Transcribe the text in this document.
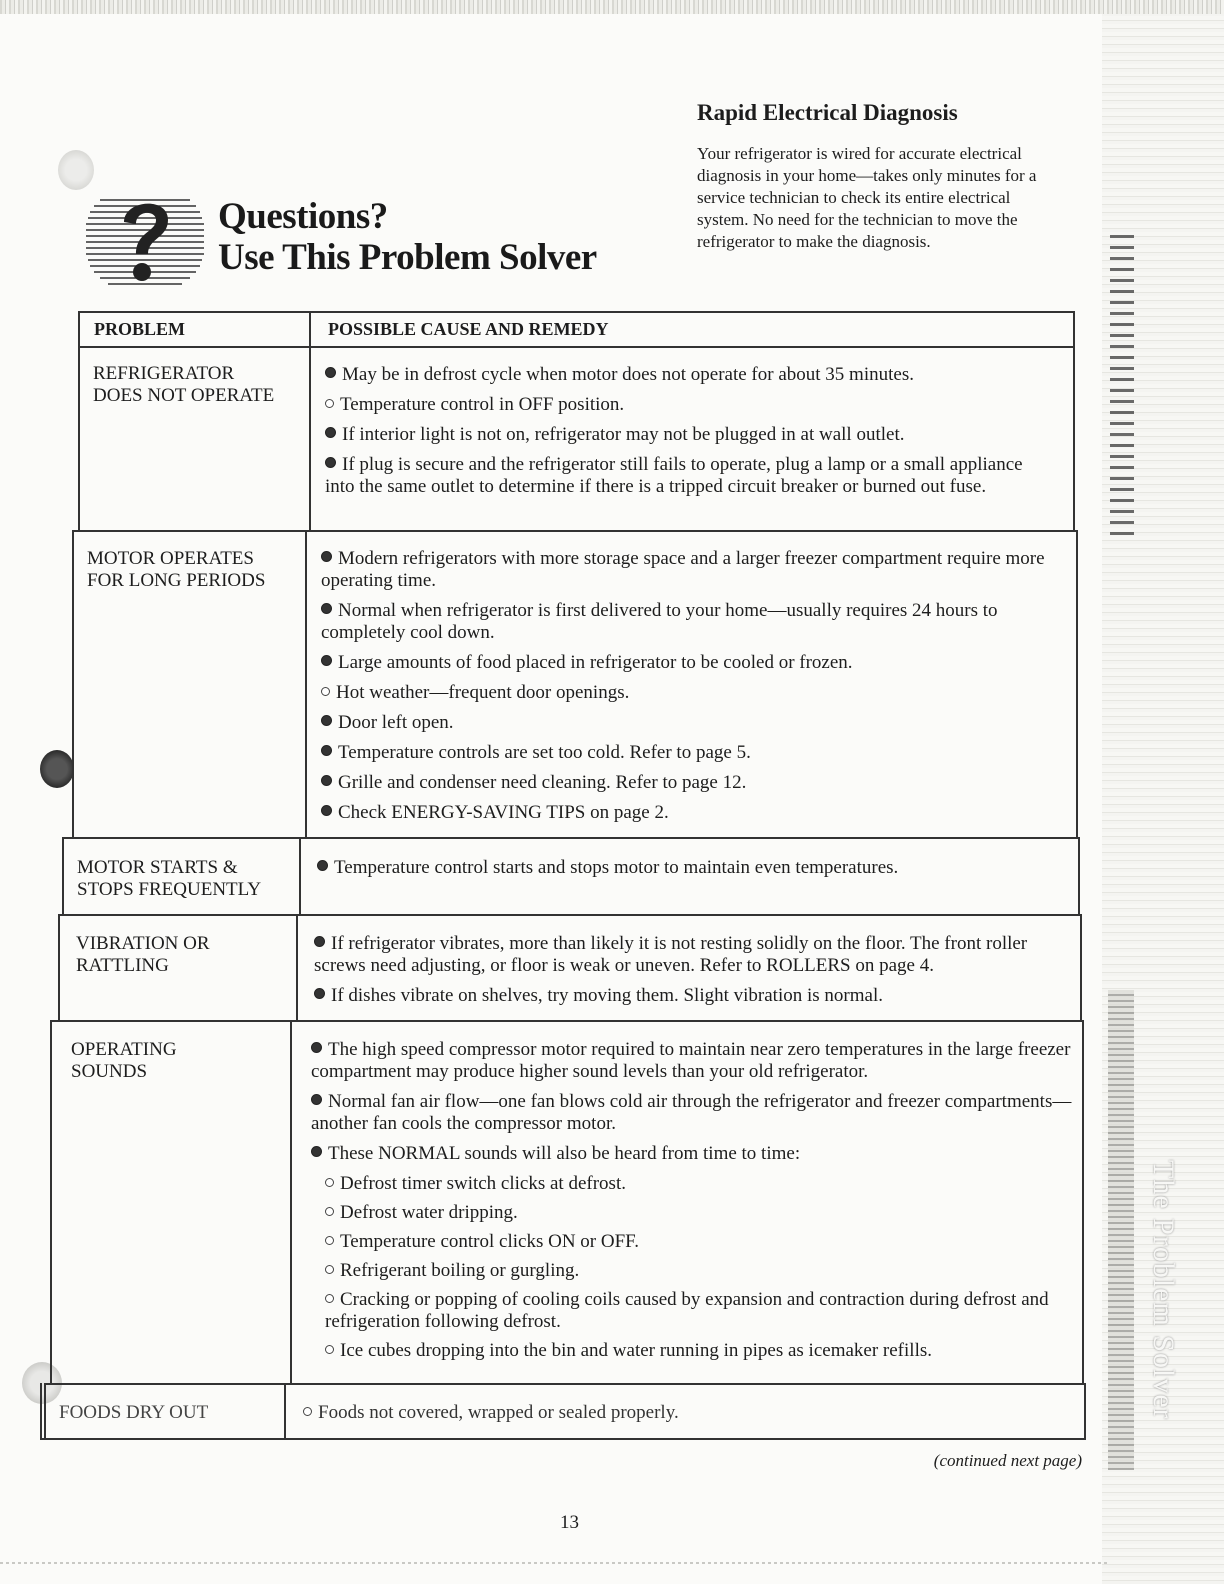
The Problem Solver
Questions?
Use This Problem Solver
Rapid Electrical Diagnosis
Your refrigerator is wired for accurate electrical diagnosis in your home—takes only minutes for a service technician to check its entire electrical system. No need for the technician to move the refrigerator to make the diagnosis.
PROBLEM	POSSIBLE CAUSE AND REMEDY
REFRIGERATOR
DOES NOT OPERATE
May be in defrost cycle when motor does not operate for about 35 minutes.
Temperature control in OFF position.
If interior light is not on, refrigerator may not be plugged in at wall outlet.
If plug is secure and the refrigerator still fails to operate, plug a lamp or a small appliance into the same outlet to determine if there is a tripped circuit breaker or burned out fuse.
MOTOR OPERATES
FOR LONG PERIODS
Modern refrigerators with more storage space and a larger freezer compartment require more operating time.
Normal when refrigerator is first delivered to your home—usually requires 24 hours to completely cool down.
Large amounts of food placed in refrigerator to be cooled or frozen.
Hot weather—frequent door openings.
Door left open.
Temperature controls are set too cold. Refer to page 5.
Grille and condenser need cleaning. Refer to page 12.
Check ENERGY-SAVING TIPS on page 2.
MOTOR STARTS &
STOPS FREQUENTLY
Temperature control starts and stops motor to maintain even temperatures.
VIBRATION OR
RATTLING
If refrigerator vibrates, more than likely it is not resting solidly on the floor. The front roller screws need adjusting, or floor is weak or uneven. Refer to ROLLERS on page 4.
If dishes vibrate on shelves, try moving them. Slight vibration is normal.
OPERATING
SOUNDS
The high speed compressor motor required to maintain near zero temperatures in the large freezer compartment may produce higher sound levels than your old refrigerator.
Normal fan air flow—one fan blows cold air through the refrigerator and freezer compartments—another fan cools the compressor motor.
These NORMAL sounds will also be heard from time to time:
Defrost timer switch clicks at defrost.
Defrost water dripping.
Temperature control clicks ON or OFF.
Refrigerant boiling or gurgling.
Cracking or popping of cooling coils caused by expansion and contraction during defrost and refrigeration following defrost.
Ice cubes dropping into the bin and water running in pipes as icemaker refills.
FOODS DRY OUT	Foods not covered, wrapped or sealed properly.
(continued next page)
13
